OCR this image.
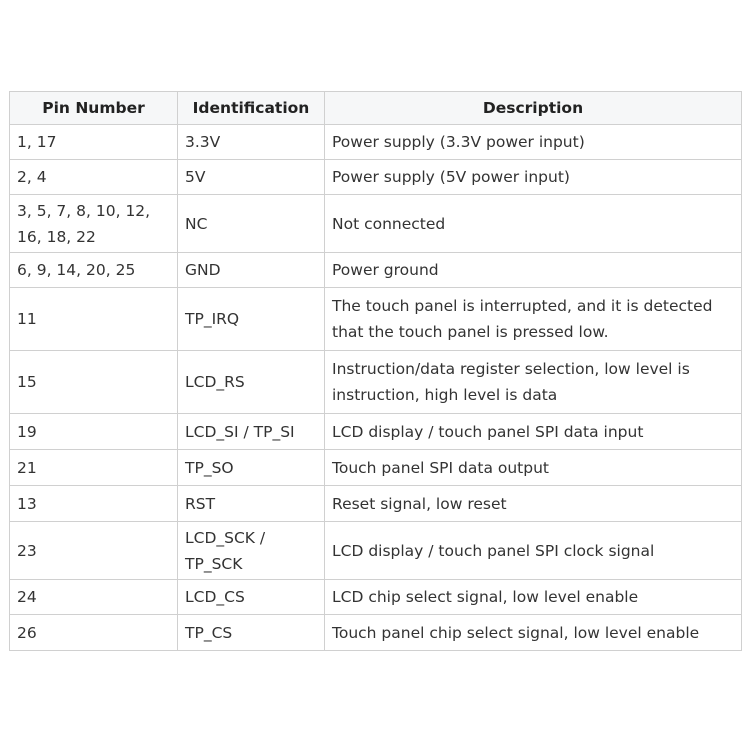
Pin Number	Identification	Description
1, 17	3.3V	Power supply (3.3V power input)
2, 4	5V	Power supply (5V power input)
3, 5, 7, 8, 10, 12, 16, 18, 22	NC	Not connected
6, 9, 14, 20, 25	GND	Power ground
11	TP_IRQ	The touch panel is interrupted, and it is detected that the touch panel is pressed low.
15	LCD_RS	Instruction/data register selection, low level is instruction, high level is data
19	LCD_SI / TP_SI	LCD display / touch panel SPI data input
21	TP_SO	Touch panel SPI data output
13	RST	Reset signal, low reset
23	LCD_SCK / TP_SCK	LCD display / touch panel SPI clock signal
24	LCD_CS	LCD chip select signal, low level enable
26	TP_CS	Touch panel chip select signal, low level enable
